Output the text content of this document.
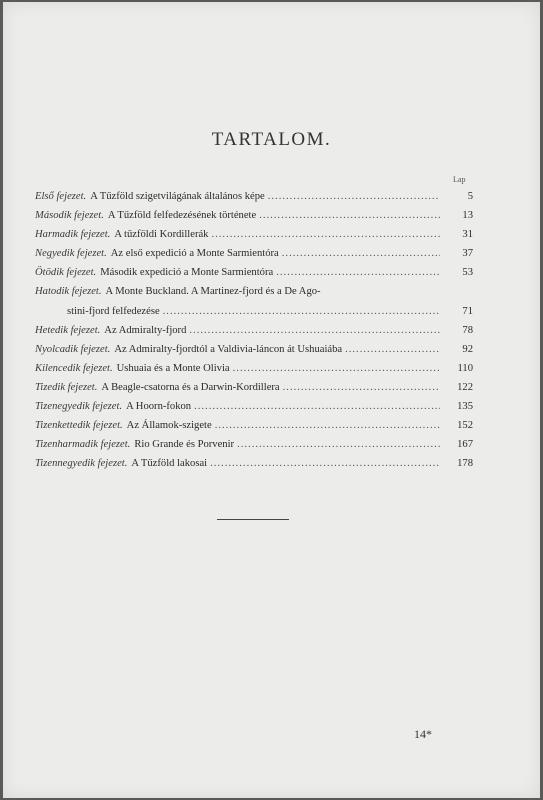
TARTALOM.
Lap
Első fejezet. A Tűzföld szigetvilágának általános képe .....	5
Második fejezet. A Tűzföld felfedezésének története .....	13
Harmadik fejezet. A tűzföldi Kordillerák .....	31
Negyedik fejezet. Az első expedició a Monte Sarmientóra .....	37
Ötödik fejezet. Második expedició a Monte Sarmientóra .....	53
Hatodik fejezet. A Monte Buckland. A Martinez-fjord és a De Ago-
stini-fjord felfedezése .....	71
Hetedik fejezet. Az Admiralty-fjord .....	78
Nyolcadik fejezet. Az Admiralty-fjordtól a Valdivia-láncon át Ushuaiába .....	92
Kilencedik fejezet. Ushuaia és a Monte Olivia .....	110
Tizedik fejezet. A Beagle-csatorna és a Darwin-Kordillera .....	122
Tizenegyedik fejezet. A Hoorn-fokon .....	135
Tizenkettedik fejezet. Az Államok-szigete .....	152
Tizenharmadik fejezet. Rio Grande és Porvenir .....	167
Tizennegyedik fejezet. A Tűzföld lakosai .....	178
14*
